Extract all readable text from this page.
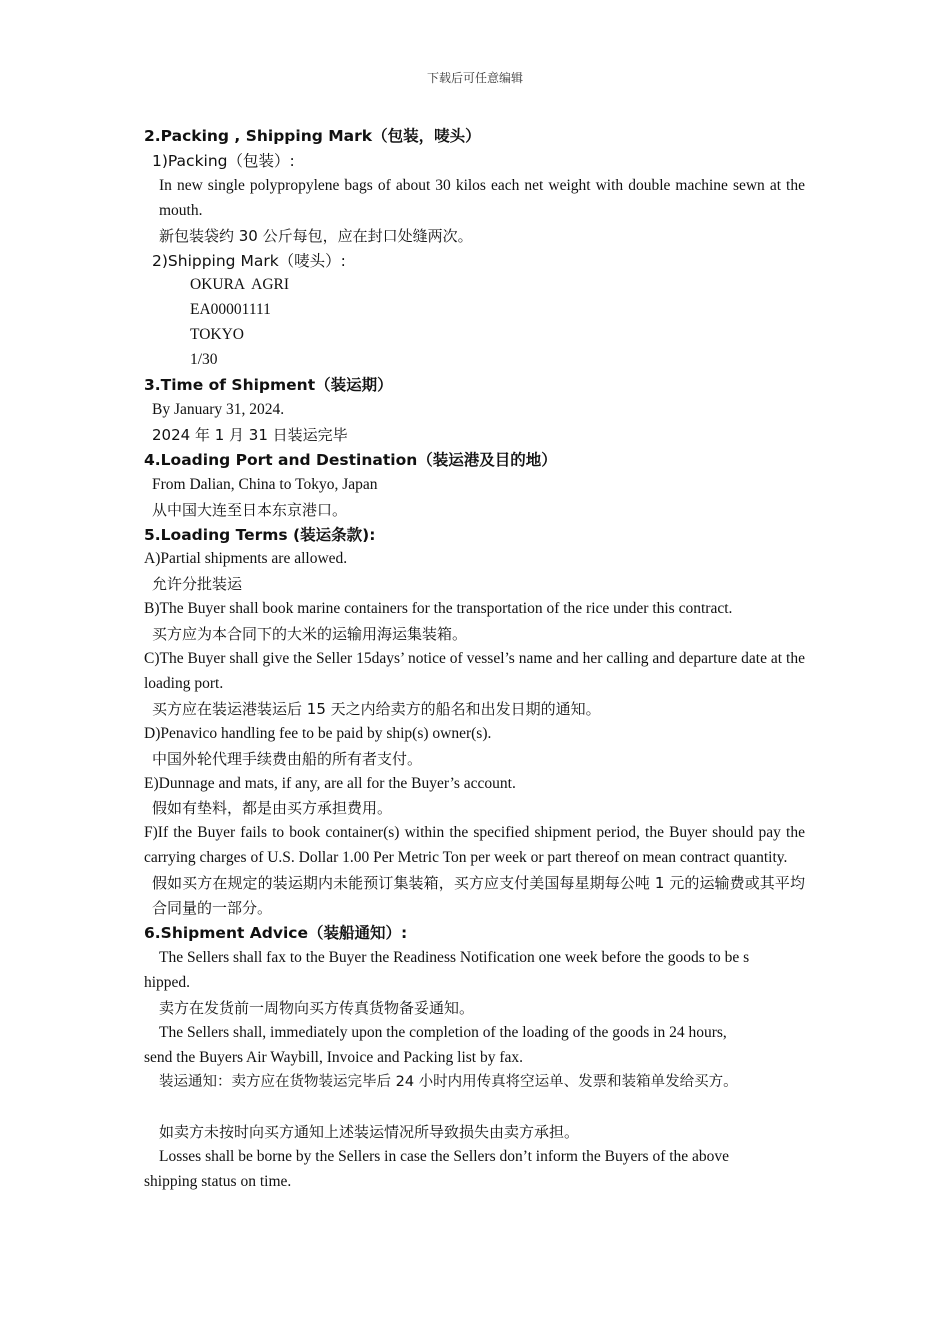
下载后可任意编辑
2.Packing , Shipping Mark（包装，唛头）
1)Packing（包装）:
In new single polypropylene bags of about 30 kilos each net weight with double machine sewn at the mouth.
新包装袋约 30 公斤每包，应在封口处缝两次。
2)Shipping Mark（唛头）:
OKURA  AGRI
EA00001111
TOKYO
1/30
3.Time of Shipment（装运期）
By January 31, 2024.
2024 年 1 月 31 日装运完毕
4.Loading Port and Destination（装运港及目的地）
From Dalian, China to Tokyo, Japan
从中国大连至日本东京港口。
5.Loading Terms (装运条款):
A)Partial shipments are allowed.
允许分批装运
B)The Buyer shall book marine containers for the transportation of the rice under this contract.
买方应为本合同下的大米的运输用海运集装箱。
C)The Buyer shall give the Seller 15days’ notice of vessel’s name and her calling and departure date at the loading port.
买方应在装运港装运后 15 天之内给卖方的船名和出发日期的通知。
D)Penavico handling fee to be paid by ship(s) owner(s).
中国外轮代理手续费由船的所有者支付。
E)Dunnage and mats, if any, are all for the Buyer’s account.
假如有垫料，都是由买方承担费用。
F)If the Buyer fails to book container(s) within the specified shipment period, the Buyer should pay the carrying charges of U.S. Dollar 1.00 Per Metric Ton per week or part thereof on mean contract quantity.
假如买方在规定的装运期内未能预订集装箱，买方应支付美国每星期每公吨 1 元的运输费或其平均合同量的一部分。
6.Shipment Advice（装船通知）:
The Sellers shall fax to the Buyer the Readiness Notification one week before the goods to be s
hipped.
卖方在发货前一周物向买方传真货物备妥通知。
The Sellers shall, immediately upon the completion of the loading of the goods in 24 hours,
send the Buyers Air Waybill, Invoice and Packing list by fax.
装运通知：卖方应在货物装运完毕后 24 小时内用传真将空运单、发票和装箱单发给买方。
如卖方未按时向买方通知上述装运情况所导致损失由卖方承担。
Losses shall be borne by the Sellers in case the Sellers don’t inform the Buyers of the above
shipping status on time.
